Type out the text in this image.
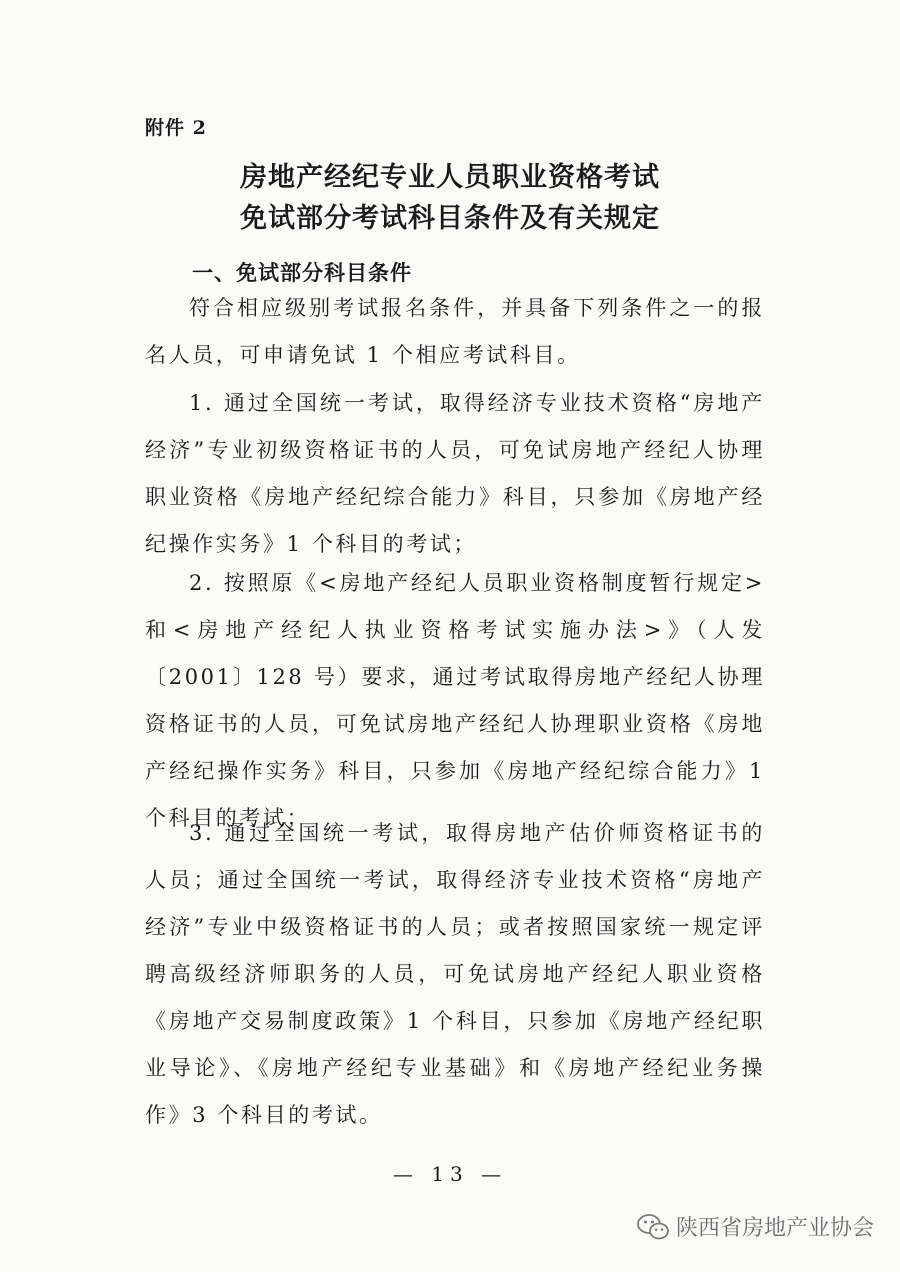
附件 2
房地产经纪专业人员职业资格考试
免试部分考试科目条件及有关规定
一、免试部分科目条件

符合相应级别考试报名条件，并具备下列条件之一的报名人员，可申请免试 1 个相应考试科目。

1. 通过全国统一考试，取得经济专业技术资格“房地产经济”专业初级资格证书的人员，可免试房地产经纪人协理职业资格《房地产经纪综合能力》科目，只参加《房地产经纪操作实务》1 个科目的考试；

2. 按照原《<房地产经纪人员职业资格制度暂行规定>和<房地产经纪人执业资格考试实施办法>》（人发〔2001〕128 号）要求，通过考试取得房地产经纪人协理资格证书的人员，可免试房地产经纪人协理职业资格《房地产经纪操作实务》科目，只参加《房地产经纪综合能力》1 个科目的考试；

3. 通过全国统一考试，取得房地产估价师资格证书的人员；通过全国统一考试，取得经济专业技术资格“房地产经济”专业中级资格证书的人员；或者按照国家统一规定评聘高级经济师职务的人员，可免试房地产经纪人职业资格《房地产交易制度政策》1 个科目，只参加《房地产经纪职业导论》、《房地产经纪专业基础》和《房地产经纪业务操作》3 个科目的考试。

— 13 —
陕西省房地产业协会
